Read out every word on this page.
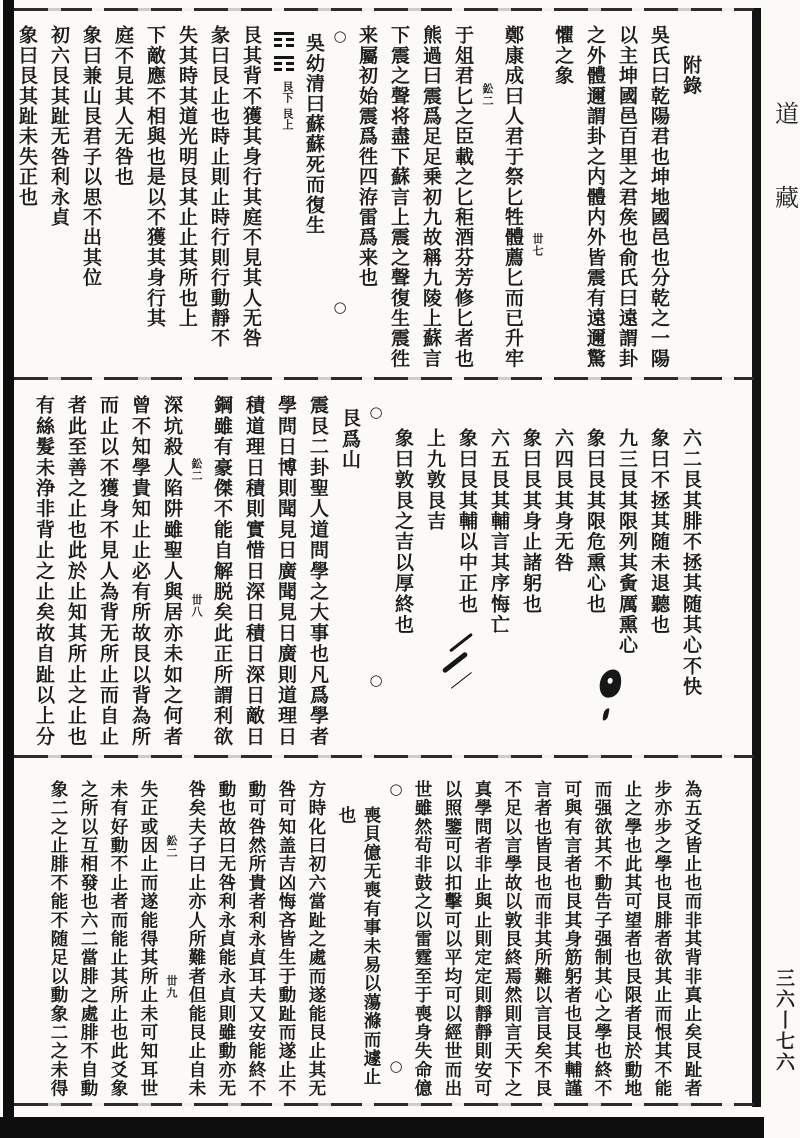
附錄
吳氏曰乾陽君也坤地國邑也分乾之一陽
以主坤國邑百里之君矦也俞氏曰遠謂卦
之外體邇謂卦之内體内外皆震有遠邇驚
懼之象
丗七
鄭康成曰人君于祭匕牲體薦匕而已升牢
鈆二
于俎君匕之臣載之匕秬酒芬芳修匕者也
熊過曰震爲足足乗初九故稱九陵上蘇言
下震之聲将盡下蘇言上震之聲復生震徃
来屬初始震爲徃四洊雷爲来也
○○
吳幼清曰蘇蘇死而復生
艮下艮上
艮其背不獲其身行其庭不見其人无咎
彖曰艮止也時止則止時行則行動靜不
失其時其道光明艮其止止其所也上
下敵應不相與也是以不獲其身行其
庭不見其人无咎也
象曰兼山艮君子以思不出其位
初六艮其趾无咎利永貞
象曰艮其趾未失正也
六二艮其腓不拯其随其心不快
象曰不拯其随未退聽也
九三艮其限列其夤厲熏心
象曰艮其限危熏心也
六四艮其身无咎
象曰艮其身止諸躬也
六五艮其輔言其序悔亡
象曰艮其輔以中正也
上九敦艮吉
象曰敦艮之吉以厚終也
○○
艮爲山
震艮二卦聖人道問學之大事也凡爲學者
學問日博則聞見日廣聞見日廣則道理日
積道理日積則實惜日深日積日深日敵日
鋼雖有豪傑不能自解脱矣此正所謂利欲
鈆二丗八
深坑殺人陷阱雖聖人與居亦未如之何者
曾不知學貴知止止必有所故艮以背為所
而止以不獲身不見人為背无所止而自止
者此至善之止也此於止知其所止之止也
有絲髮未浄非背止之止矣故自趾以上分
為五爻皆止也而非其背非真止矣艮趾者
步亦步之學也艮腓者欲其止而恨其不能
止之學也此其可望者也艮限者艮於動地
而强欲其不動告子强制其心之學也終不
可與有言者也艮其身筋躬者也艮其輔謹
言者也皆艮也而非其所難以言艮矣不艮
不足以言學故以敦艮終焉然則言天下之
真學問者非止與止則定定則靜靜則安可
以照鑒可以扣擊可以平均可以經世而出
世雖然茍非鼓之以雷霆至于喪身失命億
○○
喪貝億无喪有事未易以蕩滌而遽止也
方時化曰初六當趾之處而遂能艮止其无
咎可知盖吉凶悔吝皆生于動趾而遂止不
動可咎然所貴者利永貞耳夫又安能終不
動也故曰无咎利永貞能永貞則雖動亦无
咎矣夫子曰止亦人所難者但能艮止自未
鈆二丗九
失正或因止而遂能得其所止未可知耳世
未有好動不止者而能止其所止也此爻象
之所以互相發也六二當腓之處腓不自動
象二之止腓不能不随足以動象二之未得
道
藏
三六丨七六
